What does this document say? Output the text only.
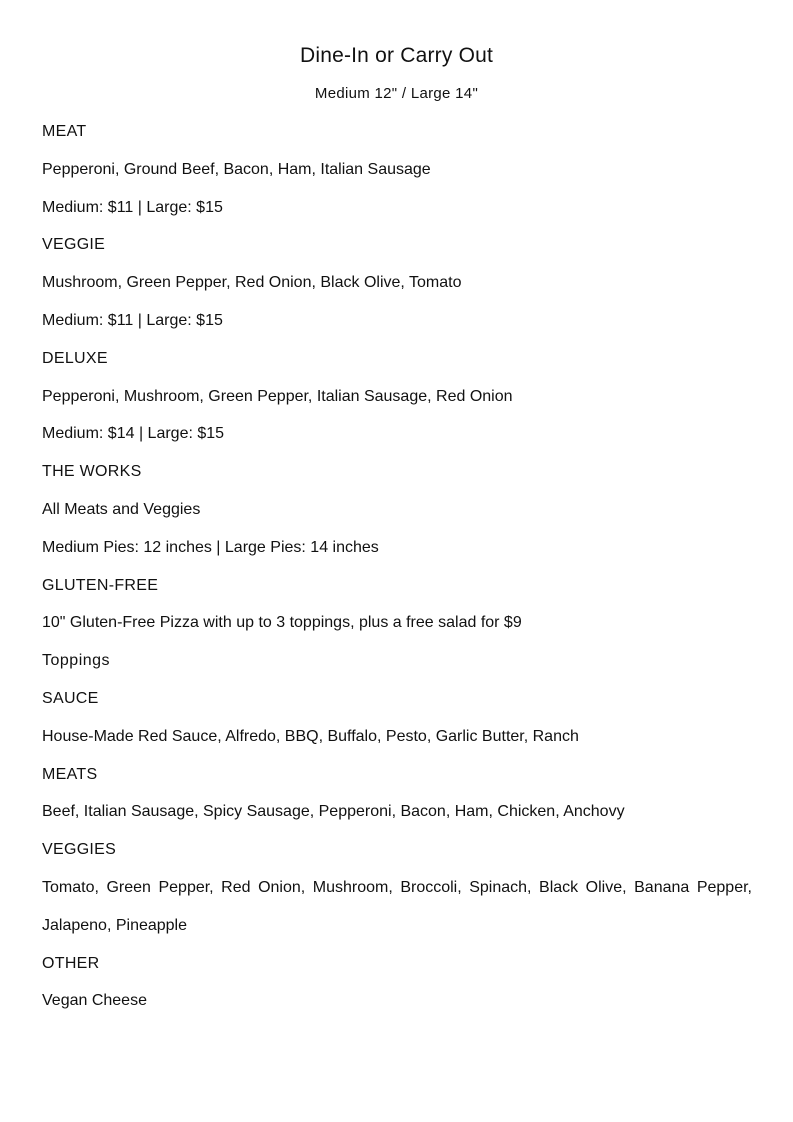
Dine-In or Carry Out
Medium 12" / Large 14"
MEAT
Pepperoni, Ground Beef, Bacon, Ham, Italian Sausage
Medium: $11 | Large: $15
VEGGIE
Mushroom, Green Pepper, Red Onion, Black Olive, Tomato
Medium: $11 | Large: $15
DELUXE
Pepperoni, Mushroom, Green Pepper, Italian Sausage, Red Onion
Medium: $14 | Large: $15
THE WORKS
All Meats and Veggies
Medium Pies: 12 inches | Large Pies: 14 inches
GLUTEN-FREE
10" Gluten-Free Pizza with up to 3 toppings, plus a free salad for $9
Toppings
SAUCE
House-Made Red Sauce, Alfredo, BBQ, Buffalo, Pesto, Garlic Butter, Ranch
MEATS
Beef, Italian Sausage, Spicy Sausage, Pepperoni, Bacon, Ham, Chicken, Anchovy
VEGGIES
Tomato, Green Pepper, Red Onion, Mushroom, Broccoli, Spinach, Black Olive, Banana Pepper,
Jalapeno, Pineapple
OTHER
Vegan Cheese
